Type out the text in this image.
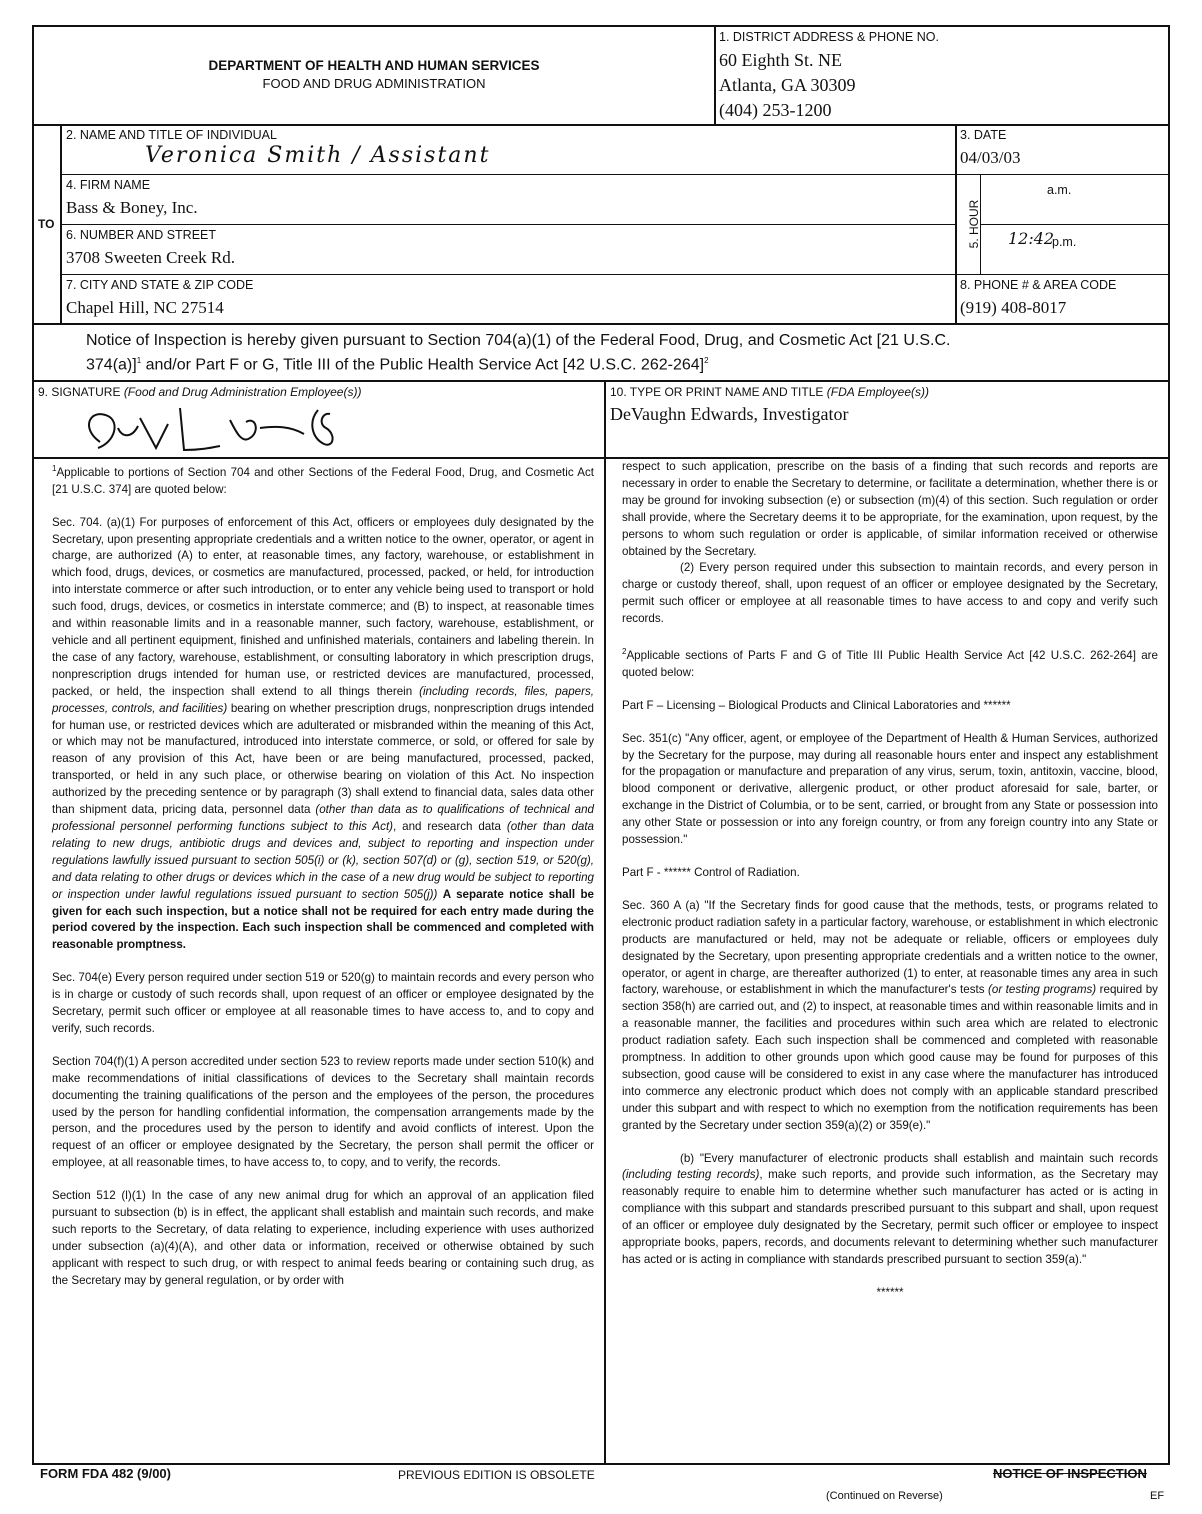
DEPARTMENT OF HEALTH AND HUMAN SERVICES
FOOD AND DRUG ADMINISTRATION
1. DISTRICT ADDRESS & PHONE NO.
60 Eighth St. NE
Atlanta, GA 30309
(404) 253-1200
TO
2. NAME AND TITLE OF INDIVIDUAL
Veronica Smith / Assistant
3. DATE
04/03/03
4. FIRM NAME
Bass & Boney, Inc.	5. HOUR
a.m.
12:42
p.m.
6. NUMBER AND STREET
3708 Sweeten Creek Rd.
7. CITY AND STATE & ZIP CODE
Chapel Hill, NC 27514
8. PHONE # & AREA CODE
(919) 408-8017
Notice of Inspection is hereby given pursuant to Section 704(a)(1) of the Federal Food, Drug, and Cosmetic Act [21 U.S.C.
374(a)]$^1$ and/or Part F or G, Title III of the Public Health Service Act [42 U.S.C. 262-264]$^2$
9. SIGNATURE (Food and Drug Administration Employee(s))	10. TYPE OR PRINT NAME AND TITLE (FDA Employee(s))
DeVaughn Edwards, Investigator

$^1$Applicable to portions of Section 704 and other Sections of the Federal Food, Drug, and Cosmetic Act [21 U.S.C. 374] are quoted below:

Sec. 704. (a)(1) For purposes of enforcement of this Act, officers or employees duly designated by the Secretary, upon presenting appropriate credentials and a written notice to the owner, operator, or agent in charge, are authorized (A) to enter, at reasonable times, any factory, warehouse, or establishment in which food, drugs, devices, or cosmetics are manufactured, processed, packed, or held, for introduction into interstate commerce or after such introduction, or to enter any vehicle being used to transport or hold such food, drugs, devices, or cosmetics in interstate commerce; and (B) to inspect, at reasonable times and within reasonable limits and in a reasonable manner, such factory, warehouse, establishment, or vehicle and all pertinent equipment, finished and unfinished materials, containers and labeling therein. In the case of any factory, warehouse, establishment, or consulting laboratory in which prescription drugs, nonprescription drugs intended for human use, or restricted devices are manufactured, processed, packed, or held, the inspection shall extend to all things therein (including records, files, papers, processes, controls, and facilities) bearing on whether prescription drugs, nonprescription drugs intended for human use, or restricted devices which are adulterated or misbranded within the meaning of this Act, or which may not be manufactured, introduced into interstate commerce, or sold, or offered for sale by reason of any provision of this Act, have been or are being manufactured, processed, packed, transported, or held in any such place, or otherwise bearing on violation of this Act. No inspection authorized by the preceding sentence or by paragraph (3) shall extend to financial data, sales data other than shipment data, pricing data, personnel data (other than data as to qualifications of technical and professional personnel performing functions subject to this Act), and research data (other than data relating to new drugs, antibiotic drugs and devices and, subject to reporting and inspection under regulations lawfully issued pursuant to section 505(i) or (k), section 507(d) or (g), section 519, or 520(g), and data relating to other drugs or devices which in the case of a new drug would be subject to reporting or inspection under lawful regulations issued pursuant to section 505(j)) A separate notice shall be given for each such inspection, but a notice shall not be required for each entry made during the period covered by the inspection. Each such inspection shall be commenced and completed with reasonable promptness.

Sec. 704(e) Every person required under section 519 or 520(g) to maintain records and every person who is in charge or custody of such records shall, upon request of an officer or employee designated by the Secretary, permit such officer or employee at all reasonable times to have access to, and to copy and verify, such records.

Section 704(f)(1) A person accredited under section 523 to review reports made under section 510(k) and make recommendations of initial classifications of devices to the Secretary shall maintain records documenting the training qualifications of the person and the employees of the person, the procedures used by the person for handling confidential information, the compensation arrangements made by the person, and the procedures used by the person to identify and avoid conflicts of interest. Upon the request of an officer or employee designated by the Secretary, the person shall permit the officer or employee, at all reasonable times, to have access to, to copy, and to verify, the records.

Section 512 (l)(1) In the case of any new animal drug for which an approval of an application filed pursuant to subsection (b) is in effect, the applicant shall establish and maintain such records, and make such reports to the Secretary, of data relating to experience, including experience with uses authorized under subsection (a)(4)(A), and other data or information, received or otherwise obtained by such applicant with respect to such drug, or with respect to animal feeds bearing or containing such drug, as the Secretary may by general regulation, or by order with

respect to such application, prescribe on the basis of a finding that such records and reports are necessary in order to enable the Secretary to determine, or facilitate a determination, whether there is or may be ground for invoking subsection (e) or subsection (m)(4) of this section. Such regulation or order shall provide, where the Secretary deems it to be appropriate, for the examination, upon request, by the persons to whom such regulation or order is applicable, of similar information received or otherwise obtained by the Secretary.

(2) Every person required under this subsection to maintain records, and every person in charge or custody thereof, shall, upon request of an officer or employee designated by the Secretary, permit such officer or employee at all reasonable times to have access to and copy and verify such records.

$^2$Applicable sections of Parts F and G of Title III Public Health Service Act [42 U.S.C. 262-264] are quoted below:

Part F – Licensing – Biological Products and Clinical Laboratories and ******

Sec. 351(c) "Any officer, agent, or employee of the Department of Health & Human Services, authorized by the Secretary for the purpose, may during all reasonable hours enter and inspect any establishment for the propagation or manufacture and preparation of any virus, serum, toxin, antitoxin, vaccine, blood, blood component or derivative, allergenic product, or other product aforesaid for sale, barter, or exchange in the District of Columbia, or to be sent, carried, or brought from any State or possession into any other State or possession or into any foreign country, or from any foreign country into any State or possession."

Part F - ****** Control of Radiation.

Sec. 360 A (a) "If the Secretary finds for good cause that the methods, tests, or programs related to electronic product radiation safety in a particular factory, warehouse, or establishment in which electronic products are manufactured or held, may not be adequate or reliable, officers or employees duly designated by the Secretary, upon presenting appropriate credentials and a written notice to the owner, operator, or agent in charge, are thereafter authorized (1) to enter, at reasonable times any area in such factory, warehouse, or establishment in which the manufacturer's tests (or testing programs) required by section 358(h) are carried out, and (2) to inspect, at reasonable times and within reasonable limits and in a reasonable manner, the facilities and procedures within such area which are related to electronic product radiation safety. Each such inspection shall be commenced and completed with reasonable promptness. In addition to other grounds upon which good cause may be found for purposes of this subsection, good cause will be considered to exist in any case where the manufacturer has introduced into commerce any electronic product which does not comply with an applicable standard prescribed under this subpart and with respect to which no exemption from the notification requirements has been granted by the Secretary under section 359(a)(2) or 359(e)."

(b) "Every manufacturer of electronic products shall establish and maintain such records (including testing records), make such reports, and provide such information, as the Secretary may reasonably require to enable him to determine whether such manufacturer has acted or is acting in compliance with this subpart and standards prescribed pursuant to this subpart and shall, upon request of an officer or employee duly designated by the Secretary, permit such officer or employee to inspect appropriate books, papers, records, and documents relevant to determining whether such manufacturer has acted or is acting in compliance with standards prescribed pursuant to section 359(a)."

******

FORM FDA 482 (9/00)	PREVIOUS EDITION IS OBSOLETE	NOTICE OF INSPECTION
(Continued on Reverse)	EF
